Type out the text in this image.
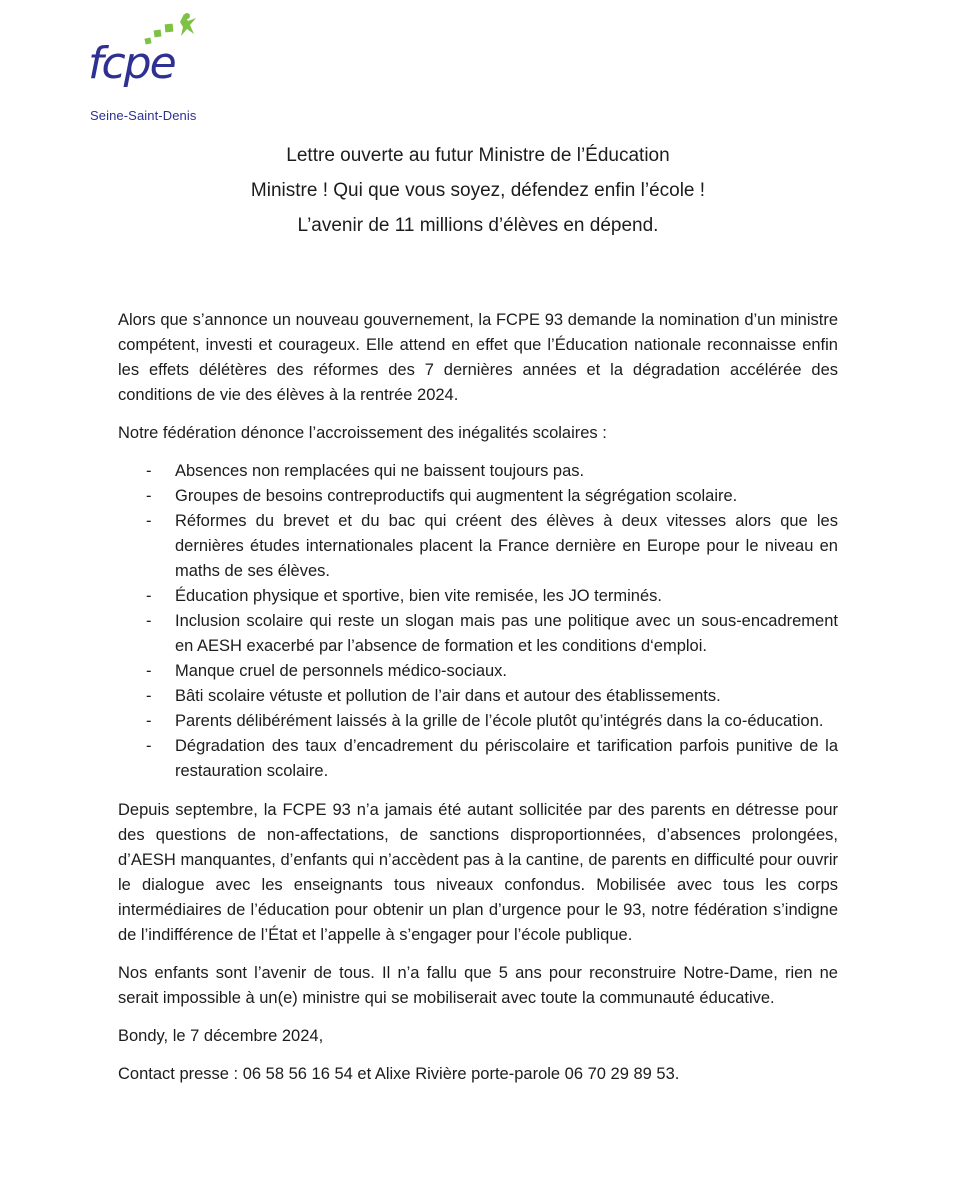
fcpe
Seine-Saint-Denis

Lettre ouverte au futur Ministre de l’Éducation

Ministre ! Qui que vous soyez, défendez enfin l’école !

L’avenir de 11 millions d’élèves en dépend.

Alors que s’annonce un nouveau gouvernement, la FCPE 93 demande la nomination d’un ministre compétent, investi et courageux. Elle attend en effet que l’Éducation nationale reconnaisse enfin les effets délétères des réformes des 7 dernières années et la dégradation accélérée des conditions de vie des élèves à la rentrée 2024.

Notre fédération dénonce l’accroissement des inégalités scolaires :

- Absences non remplacées qui ne baissent toujours pas.
- Groupes de besoins contreproductifs qui augmentent la ségrégation scolaire.
- Réformes du brevet et du bac qui créent des élèves à deux vitesses alors que les dernières études internationales placent la France dernière en Europe pour le niveau en maths de ses élèves.
- Éducation physique et sportive, bien vite remisée, les JO terminés.
- Inclusion scolaire qui reste un slogan mais pas une politique avec un sous-encadrement en AESH exacerbé par l’absence de formation et les conditions d‘emploi.
- Manque cruel de personnels médico-sociaux.
- Bâti scolaire vétuste et pollution de l’air dans et autour des établissements.
- Parents délibérément laissés à la grille de l’école plutôt qu’intégrés dans la co-éducation.
- Dégradation des taux d’encadrement du périscolaire et tarification parfois punitive de la restauration scolaire.

Depuis septembre, la FCPE 93 n’a jamais été autant sollicitée par des parents en détresse pour des questions de non-affectations, de sanctions disproportionnées, d’absences prolongées, d’AESH manquantes, d’enfants qui n’accèdent pas à la cantine, de parents en difficulté pour ouvrir le dialogue avec les enseignants tous niveaux confondus. Mobilisée avec tous les corps intermédiaires de l’éducation pour obtenir un plan d’urgence pour le 93, notre fédération s’indigne de l’indifférence de l’État et l’appelle à s’engager pour l’école publique.

Nos enfants sont l’avenir de tous. Il n’a fallu que 5 ans pour reconstruire Notre-Dame, rien ne serait impossible à un(e) ministre qui se mobiliserait avec toute la communauté éducative.

Bondy, le 7 décembre 2024,

Contact presse : 06 58 56 16 54 et Alixe Rivière porte-parole 06 70 29 89 53.
